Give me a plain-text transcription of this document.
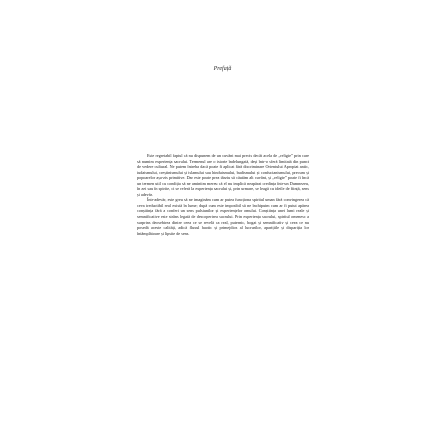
Prefață

Este regretabil faptul că nu dispunem de un cuvânt mai precis decât acela de „religie” prin care să numim experiența sacrului. Termenul are o istorie îndelungată, deși într-o sferă limitată din punct de vedere cultural. Ne putem întreba dacă poate fi aplicat fără discriminare Orientului Apropiat antic, iudaismului, creștinismului și islamului sau hinduismului, budismului și confucianismului, precum și popoarelor așa-zis primitive. Dar este poate prea târziu să căutăm alt cuvânt, și „religie” poate fi încă un termen util cu condiția să ne amintim mereu că el nu implică neapărat credința într-un Dumnezeu, în zei sau în spirite, ci se referă la experiența sacrului și, prin urmare, se leagă cu ideile de ființă, sens și adevăr.

Într-adevăr, este greu să ne imaginăm cum ar putea funcționa spiritul uman fără convingerea că ceva ireductibil real există în lume; după cum este imposibil să ne închipuim cum ar fi putut apărea conștiința fără a conferi un sens pulsiunilor și experiențelor omului. Conștiința unei lumi reale și semnificative este strâns legată de descoperirea sacrului. Prin experiența sacrului, spiritul omenesc a surprins deosebirea dintre ceea ce se revelă ca real, puternic, bogat și semnificativ și ceea ce nu posedă aceste calități, adică fluxul haotic și primejdios al lucrurilor, aparițiile și dispariția lor întâmplătoare și lipsite de sens.
